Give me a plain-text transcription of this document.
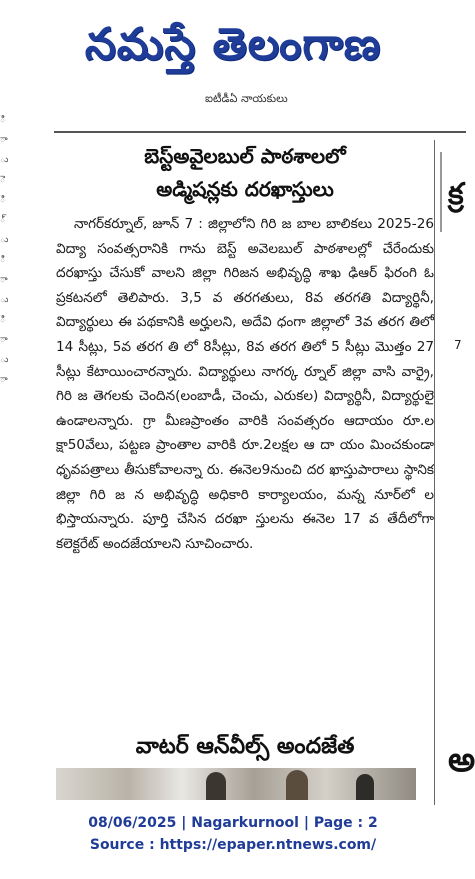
నమస్తే తెలంగాణ
ఐటీడీఏ నాయకులు
ి
ా
ు
ె
ి
్
ు
ి
ా
ు
ి
ా
ు
ా
బెస్ట్‌అవైలబుల్ పాఠశాలలో
అడ్మిషన్లకు దరఖాస్తులు
నాగర్‌కర్నూల్, జూన్ 7 : జిల్లాలోని గిరి జ బాల బాలికలు 2025-26 విద్యా సంవత్సరానికి గాను బెస్ట్ అవెలబుల్ పాఠశాలల్లో చేరేందుకు దరఖాస్తు చేసుకో వాలని జిల్లా గిరిజన అభివృద్ధి శాఖ ఢిఆర్ ఫిరంగి ఓ ప్రకటనలో తెలిపారు. 3,5 వ తరగతులు, 8వ తరగతి విద్యార్థినీ, విద్యార్థులు ఈ పథకానికి అర్హులని, అదేవి ధంగా జిల్లాలో 3వ తరగ తిలో 14 సీట్లు, 5వ తరగ తి లో 8సీట్లు, 8వ తరగ తిలో 5 సీట్లు మొత్తం 27 సీట్లు కేటాయించారన్నారు. విద్యార్థులు నాగర్క ర్నూల్ జిల్లా వాసి వార్రై, గిరి జ తెగలకు చెందిన(లంబాడీ, చెంచు, ఎరుకల) విద్యార్థినీ, విద్యార్థులై ఉండాలన్నారు. గ్రా మీణప్రాంతం వారికి సంవత్సరం ఆదాయం రూ.ల క్షా50వేలు, పట్టణ ప్రాంతాల వారికి రూ.2లక్షల ఆ దా యం మించకుండా ధృవపత్రాలు తీసుకోవాలన్నా రు. ఈనెల9నుంచి దర ఖాస్తుపారాలు స్థానిక జిల్లా గిరి జ న అభివృద్ధి అధికారి కార్యాలయం, మన్న నూర్‌లో ల భిస్తాయన్నారు. పూర్తి చేసిన దరఖా స్తులను ఈనెల 17 వ తేదీలోగా కలెక్టరేట్ అందజేయాలని సూచించారు.
వాటర్ ఆన్‌వీల్స్ అందజేత
క్ర
7
అ
08/06/2025 | Nagarkurnool | Page : 2
Source : https://epaper.ntnews.com/
